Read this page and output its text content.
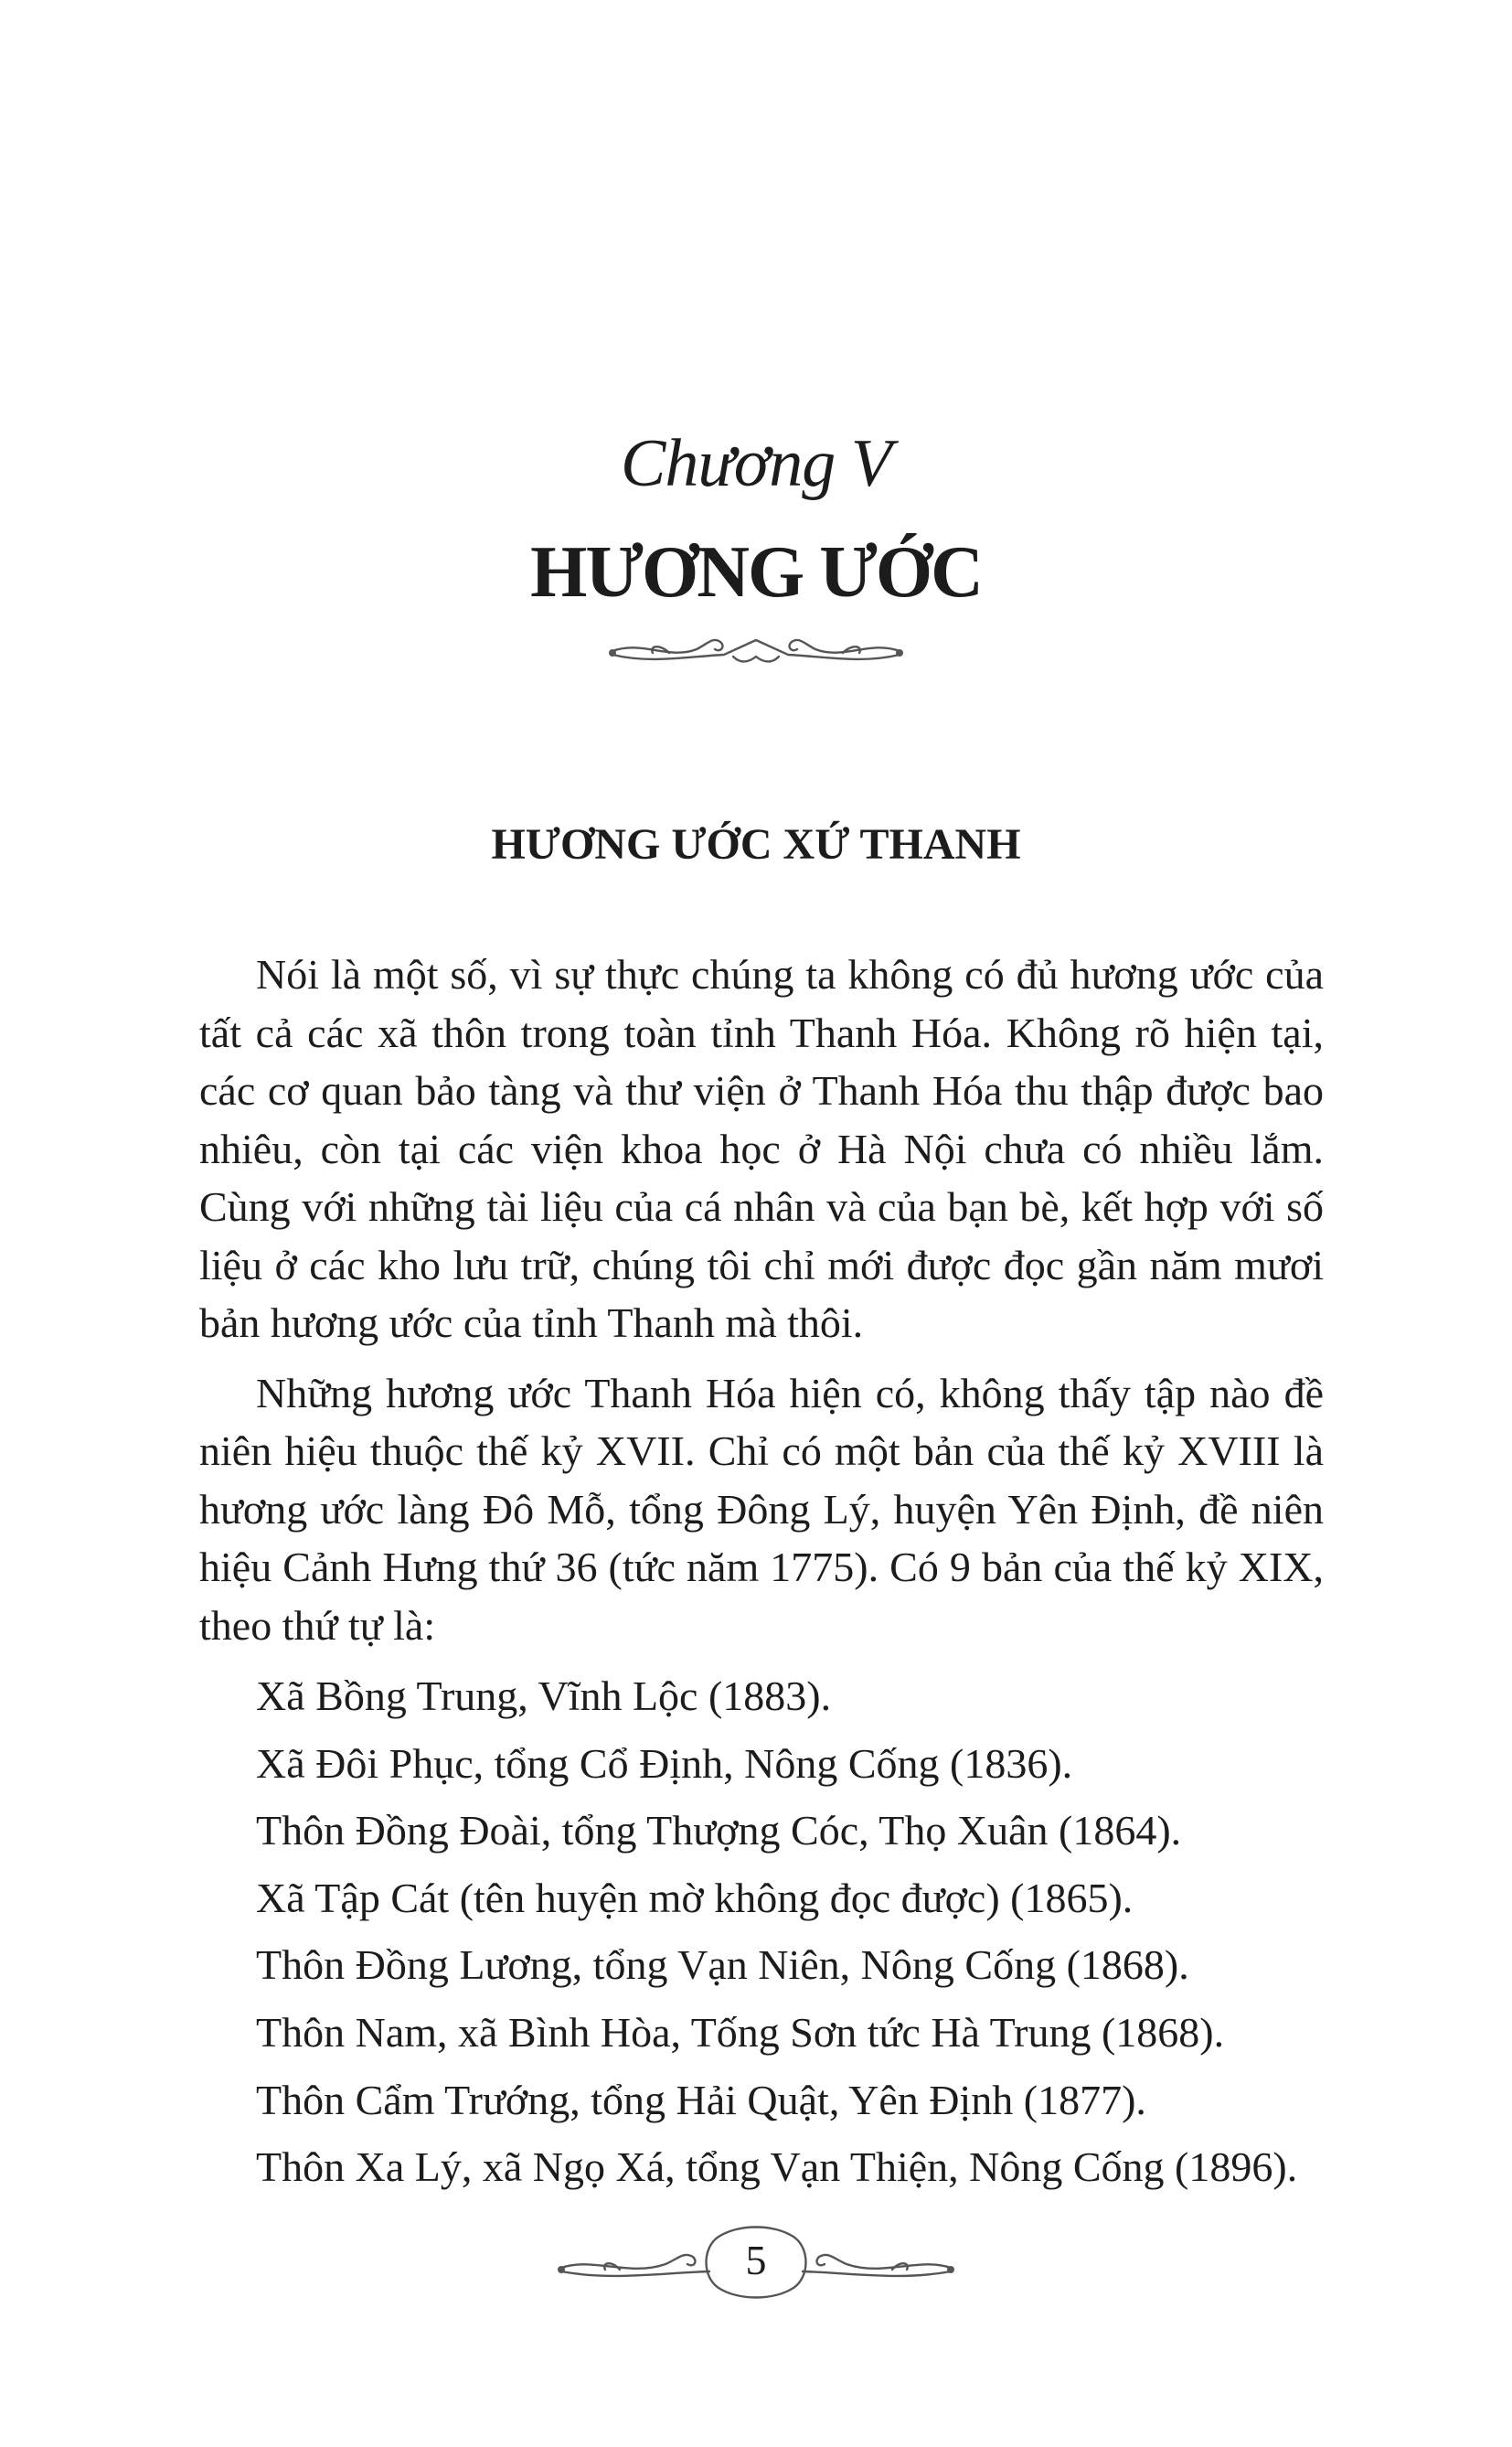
Chương V
HƯƠNG ƯỚC
HƯƠNG ƯỚC XỨ THANH

Nói là một số, vì sự thực chúng ta không có đủ hương ước của tất cả các xã thôn trong toàn tỉnh Thanh Hóa. Không rõ hiện tại, các cơ quan bảo tàng và thư viện ở Thanh Hóa thu thập được bao nhiêu, còn tại các viện khoa học ở Hà Nội chưa có nhiều lắm. Cùng với những tài liệu của cá nhân và của bạn bè, kết hợp với số liệu ở các kho lưu trữ, chúng tôi chỉ mới được đọc gần năm mươi bản hương ước của tỉnh Thanh mà thôi.

Những hương ước Thanh Hóa hiện có, không thấy tập nào đề niên hiệu thuộc thế kỷ XVII. Chỉ có một bản của thế kỷ XVIII là hương ước làng Đô Mỗ, tổng Đông Lý, huyện Yên Định, đề niên hiệu Cảnh Hưng thứ 36 (tức năm 1775). Có 9 bản của thế kỷ XIX, theo thứ tự là:

Xã Bồng Trung, Vĩnh Lộc (1883).
Xã Đôi Phục, tổng Cổ Định, Nông Cống (1836).
Thôn Đồng Đoài, tổng Thượng Cóc, Thọ Xuân (1864).
Xã Tập Cát (tên huyện mờ không đọc được) (1865).
Thôn Đồng Lương, tổng Vạn Niên, Nông Cống (1868).
Thôn Nam, xã Bình Hòa, Tống Sơn tức Hà Trung (1868).
Thôn Cẩm Trướng, tổng Hải Quật, Yên Định (1877).
Thôn Xa Lý, xã Ngọ Xá, tổng Vạn Thiện, Nông Cống (1896).
5
